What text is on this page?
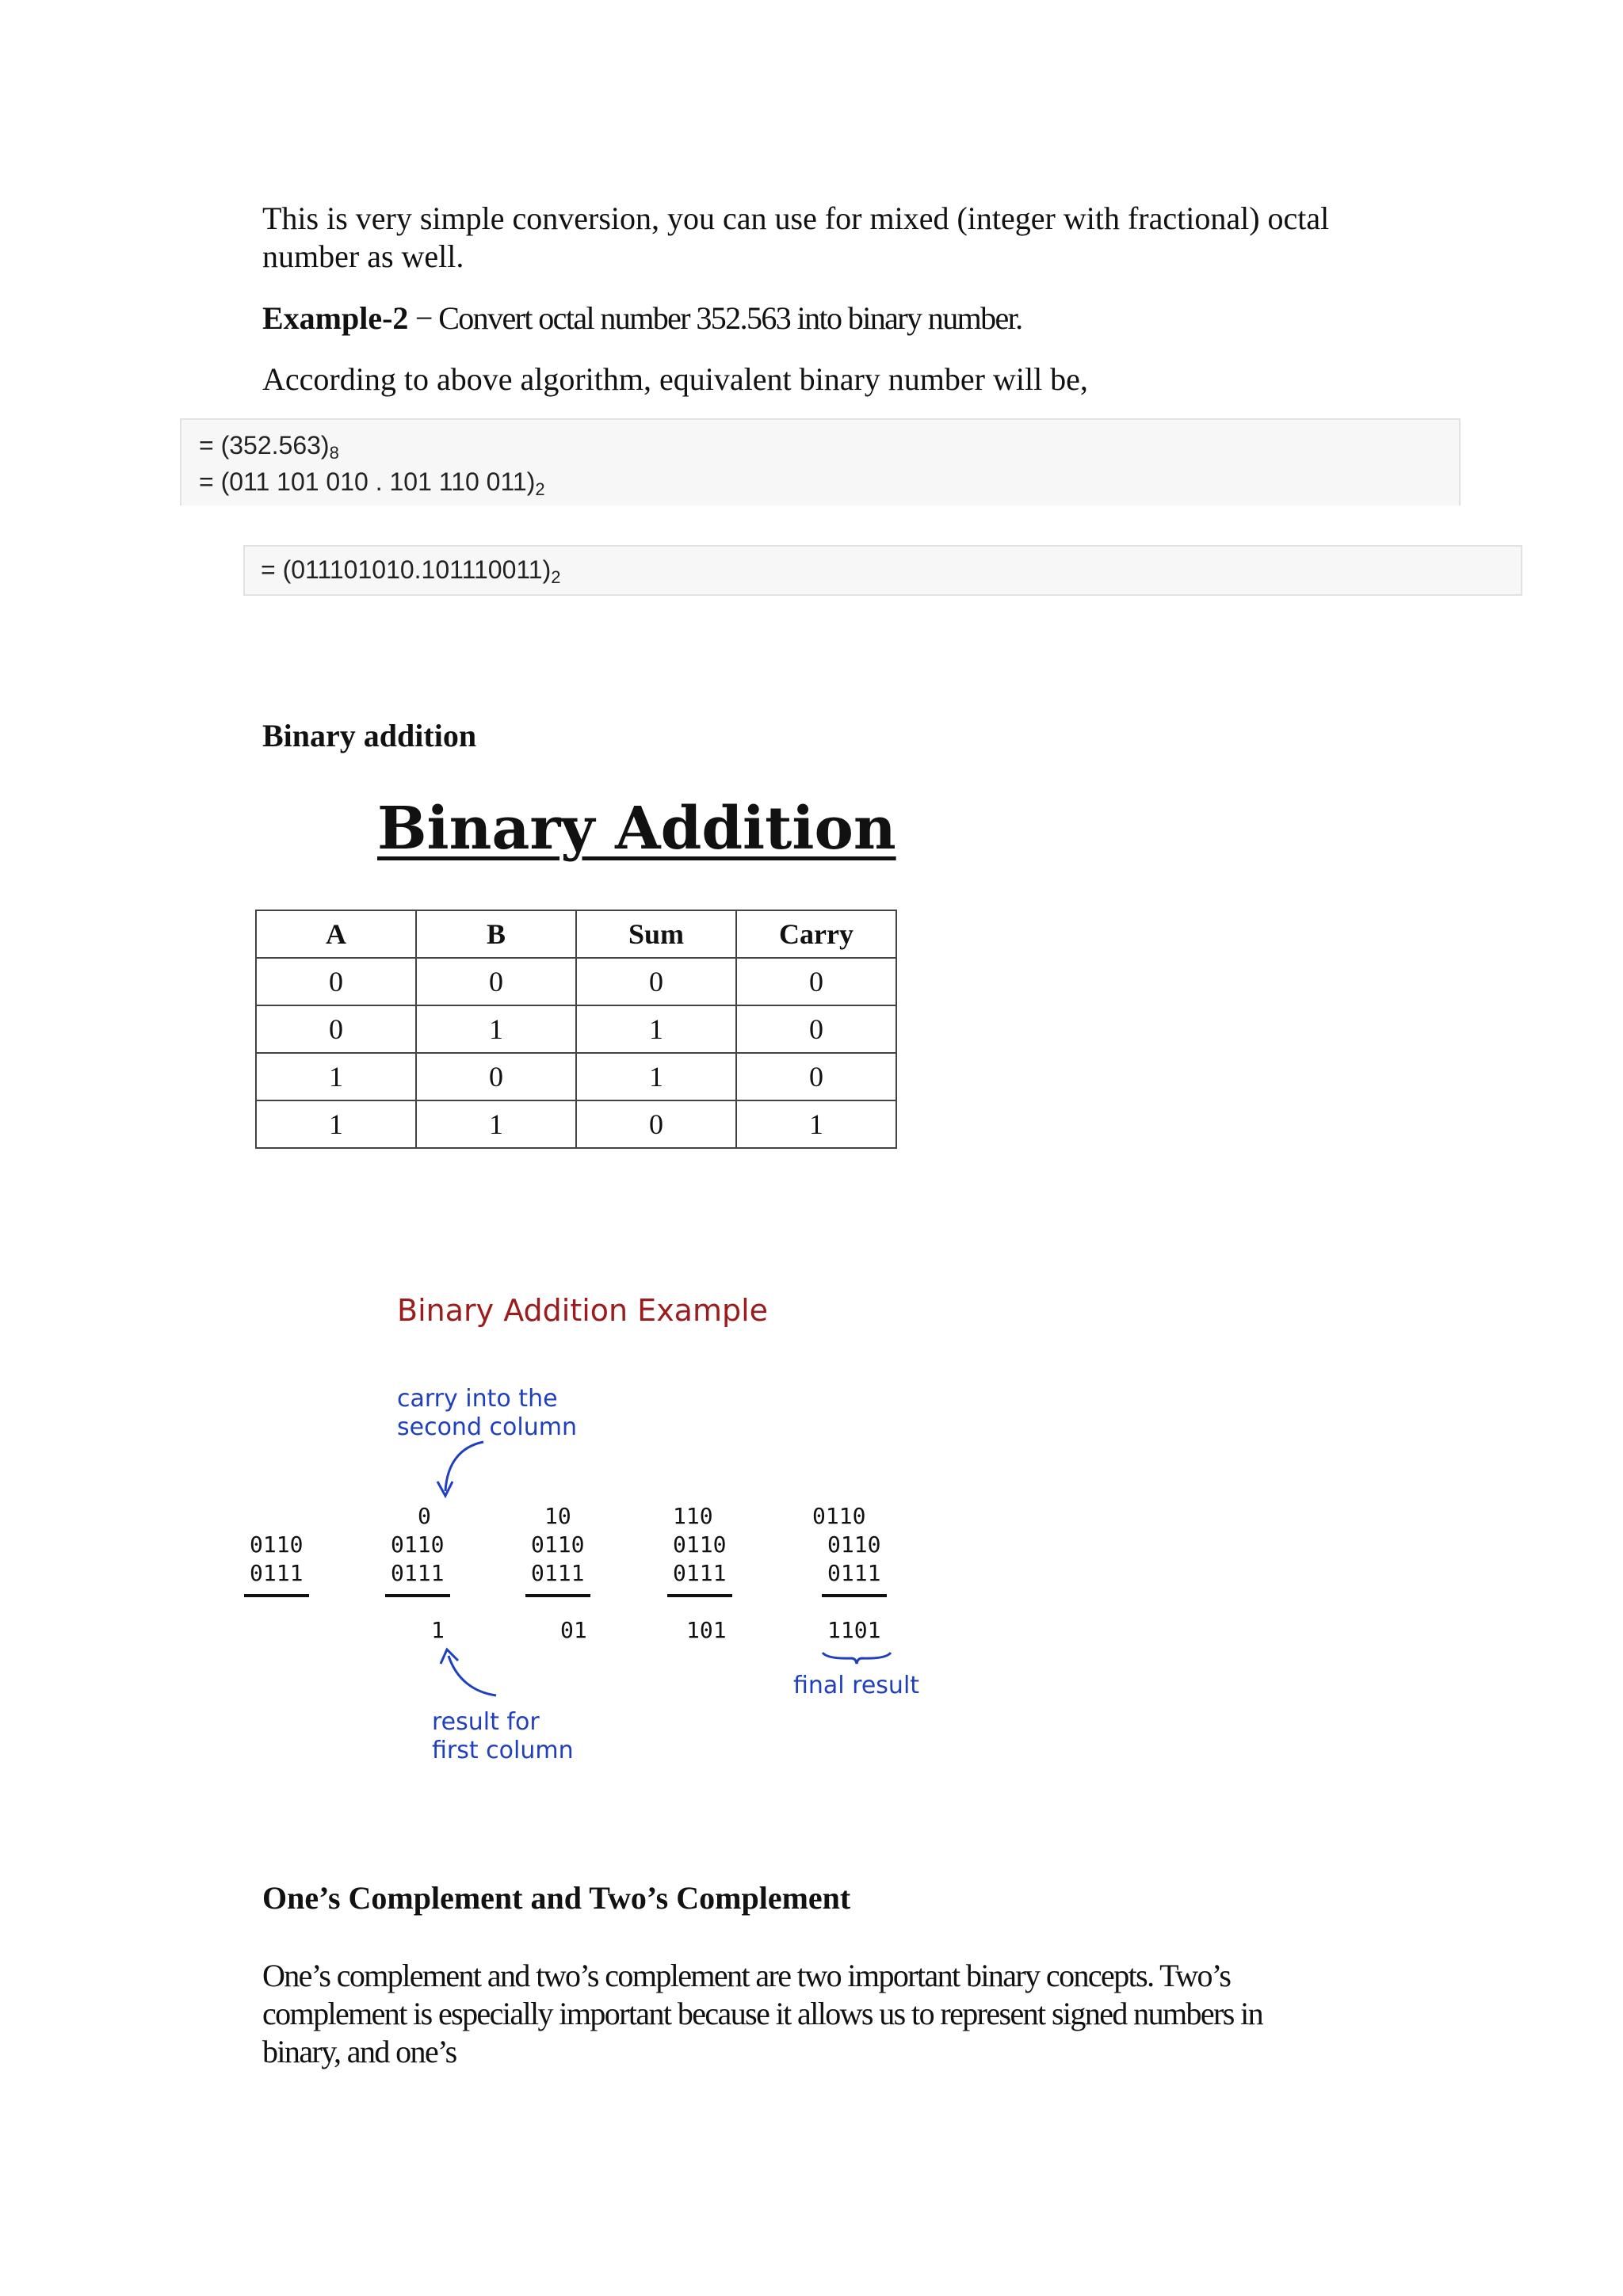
This is very simple conversion, you can use for mixed (integer with fractional) octal
number as well.
Example-2 − Convert octal number 352.563 into binary number.
According to above algorithm, equivalent binary number will be,
= $(352.563)_8$
= (011 101 010 . 101 110 $011)_2$
= $(011101010.101110011)_2$
Binary addition
Binary Addition
A	B	Sum	Carry
0	0	0	0
0	1	1	0
1	0	1	0
1	1	0	1
Binary Addition Example
carry into the
second column
0110
0111
0
0110
0111
1
10
0110
0111
01
110
0110
0111
101
0110
0110
0111
1101
final result
result for
first column
One’s Complement and Two’s Complement
One’s complement and two’s complement are two important binary concepts. Two’s
complement is especially important because it allows us to represent signed numbers in
binary, and one’s
